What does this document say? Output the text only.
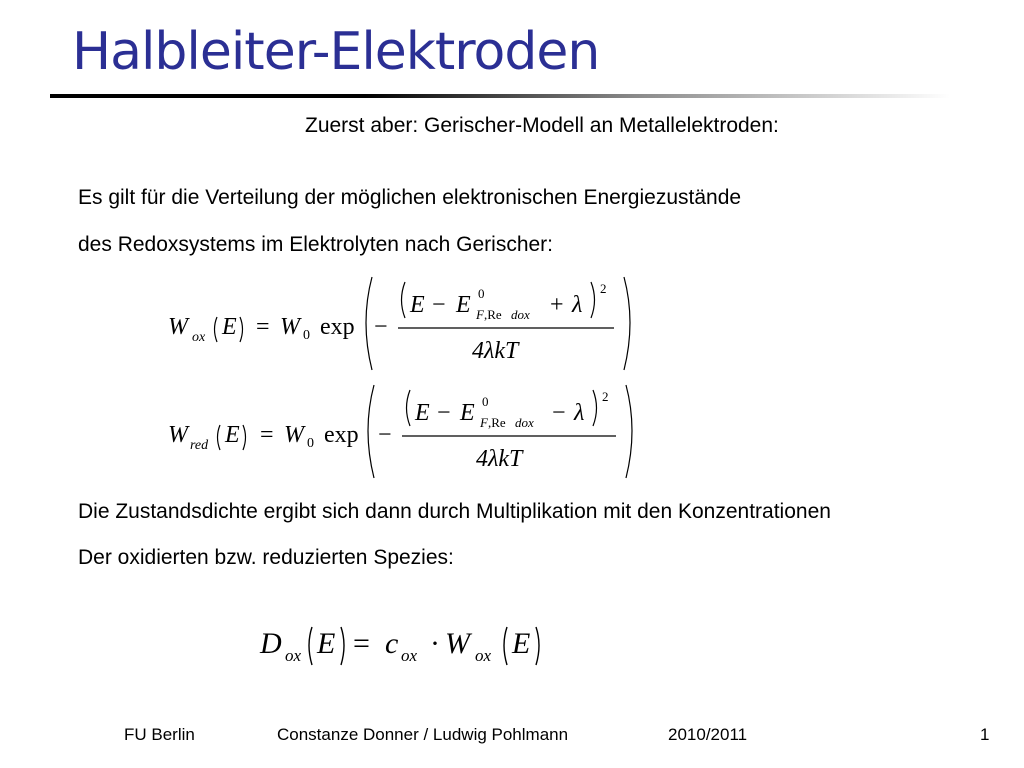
Halbleiter-Elektroden
Zuerst aber: Gerischer-Modell an Metallelektroden:
Es gilt für die Verteilung der möglichen elektronischen Energiezustände
des Redoxsystems im Elektrolyten nach Gerischer:
W ox E = W 0 exp −
E − E 0
F ,Re dox + λ
2
4λkT
W red E = W 0 exp −
E − E 0
F ,Re dox − λ
2
4λkT
Die Zustandsdichte ergibt sich dann durch Multiplikation mit den Konzentrationen
Der oxidierten bzw. reduzierten Spezies:
D ox E = c ox · W ox E
FU Berlin	Constanze Donner / Ludwig Pohlmann	2010/2011	1
